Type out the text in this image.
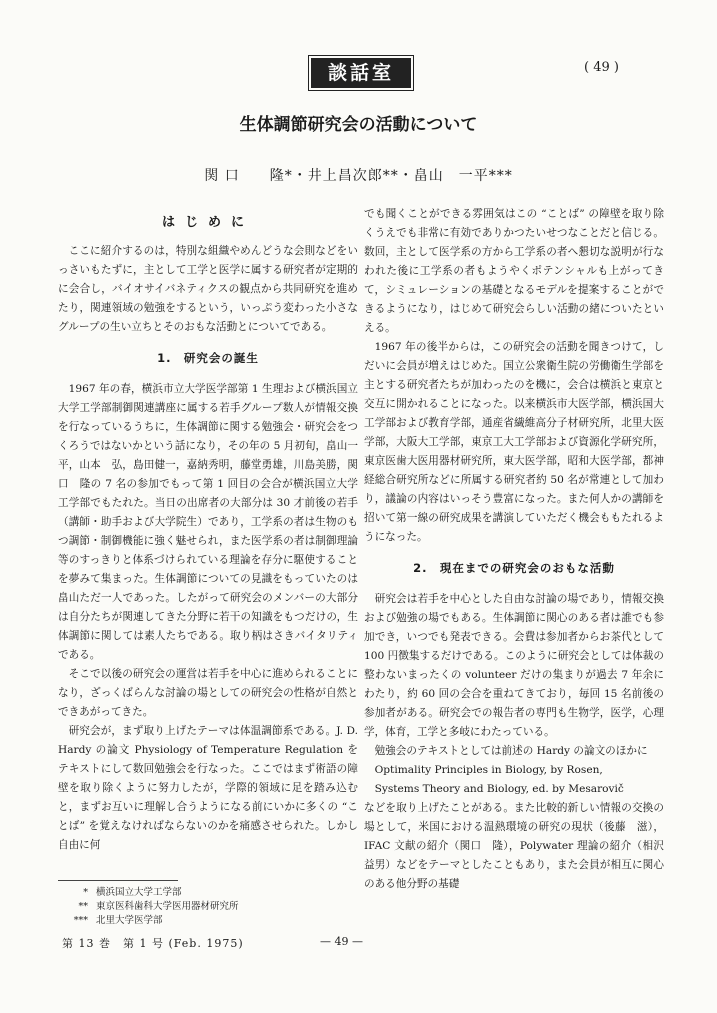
談話室	( 49 )
生体調節研究会の活動について
関 口　　隆*・井上昌次郎**・畠山　一平***
はじめに

ここに紹介するのは，特別な組織やめんどうな会則などをいっさいもたずに，主として工学と医学に属する研究者が定期的に会合し，バイオサイバネティクスの観点から共同研究を進めたり，関連領域の勉強をするという，いっぷう変わった小さなグループの生い立ちとそのおもな活動とについてである。

1.　研究会の誕生

1967 年の春，横浜市立大学医学部第 1 生理および横浜国立大学工学部制御関連講座に属する若手グループ数人が情報交換を行なっているうちに，生体調節に関する勉強会・研究会をつくろうではないかという話になり，その年の 5 月初旬，畠山一平，山本　弘，島田健一，嘉納秀明，藤堂勇雄，川島美勝，関口　隆の 7 名の参加でもって第 1 回目の会合が横浜国立大学工学部でもたれた。当日の出席者の大部分は 30 才前後の若手（講師・助手および大学院生）であり，工学系の者は生物のもつ調節・制御機能に強く魅せられ，また医学系の者は制御理論等のすっきりと体系づけられている理論を存分に駆使することを夢みて集まった。生体調節についての見識をもっていたのは畠山ただ一人であった。したがって研究会のメンバーの大部分は自分たちが関連してきた分野に若干の知識をもつだけの，生体調節に関しては素人たちである。取り柄はさきバイタリティである。

そこで以後の研究会の運営は若手を中心に進められることになり，ざっくばらんな討論の場としての研究会の性格が自然とできあがってきた。

研究会が，まず取り上げたテーマは体温調節系である。J. D. Hardy の論文 Physiology of Temperature Regulation をテキストにして数回勉強会を行なった。ここではまず術語の障壁を取り除くように努力したが，学際的領域に足を踏み込むと，まずお互いに理解し合うようになる前にいかに多くの “ことば” を覚えなければならないのかを痛感させられた。しかし自由に何

でも聞くことができる雰囲気はこの “ことば” の障壁を取り除くうえでも非常に有効でありかつたいせつなことだと信じる。数回，主として医学系の方から工学系の者へ懇切な説明が行なわれた後に工学系の者もようやくポテンシャルも上がってきて，シミュレーションの基礎となるモデルを提案することができるようになり，はじめて研究会らしい活動の緒についたといえる。

1967 年の後半からは，この研究会の活動を聞きつけて，しだいに会員が増えはじめた。国立公衆衛生院の労働衛生学部を主とする研究者たちが加わったのを機に，会合は横浜と東京と交互に開かれることになった。以来横浜市大医学部，横浜国大工学部および教育学部，通産省繊維高分子材研究所，北里大医学部，大阪大工学部，東京工大工学部および資源化学研究所，東京医歯大医用器材研究所，東大医学部，昭和大医学部，都神経総合研究所などに所属する研究者約 50 名が常連として加わり，議論の内容はいっそう豊富になった。また何人かの講師を招いて第一線の研究成果を講演していただく機会ももたれるようになった。

2.　現在までの研究会のおもな活動

研究会は若手を中心とした自由な討論の場であり，情報交換および勉強の場でもある。生体調節に関心のある者は誰でも参加でき，いつでも発表できる。会費は参加者からお茶代として 100 円徴集するだけである。このように研究会としては体裁の整わないまったくの volunteer だけの集まりが過去 7 年余にわたり，約 60 回の会合を重ねてきており，毎回 15 名前後の参加者がある。研究会での報告者の専門も生物学，医学，心理学，体育，工学と多岐にわたっている。

勉強会のテキストとしては前述の Hardy の論文のほかに

Optimality Principles in Biology, by Rosen,

Systems Theory and Biology, ed. by Mesarovič

などを取り上げたことがある。また比較的新しい情報の交換の場として，米国における温熱環境の研究の現状（後藤　滋），IFAC 文献の紹介（関口　隆），Polywater 理論の紹介（相沢益男）などをテーマとしたこともあり，また会員が相互に関心のある他分野の基礎

* 横浜国立大学工学部
** 東京医科歯科大学医用器材研究所
*** 北里大学医学部
第 13 巻　第 1 号 (Feb. 1975)	— 49 —
